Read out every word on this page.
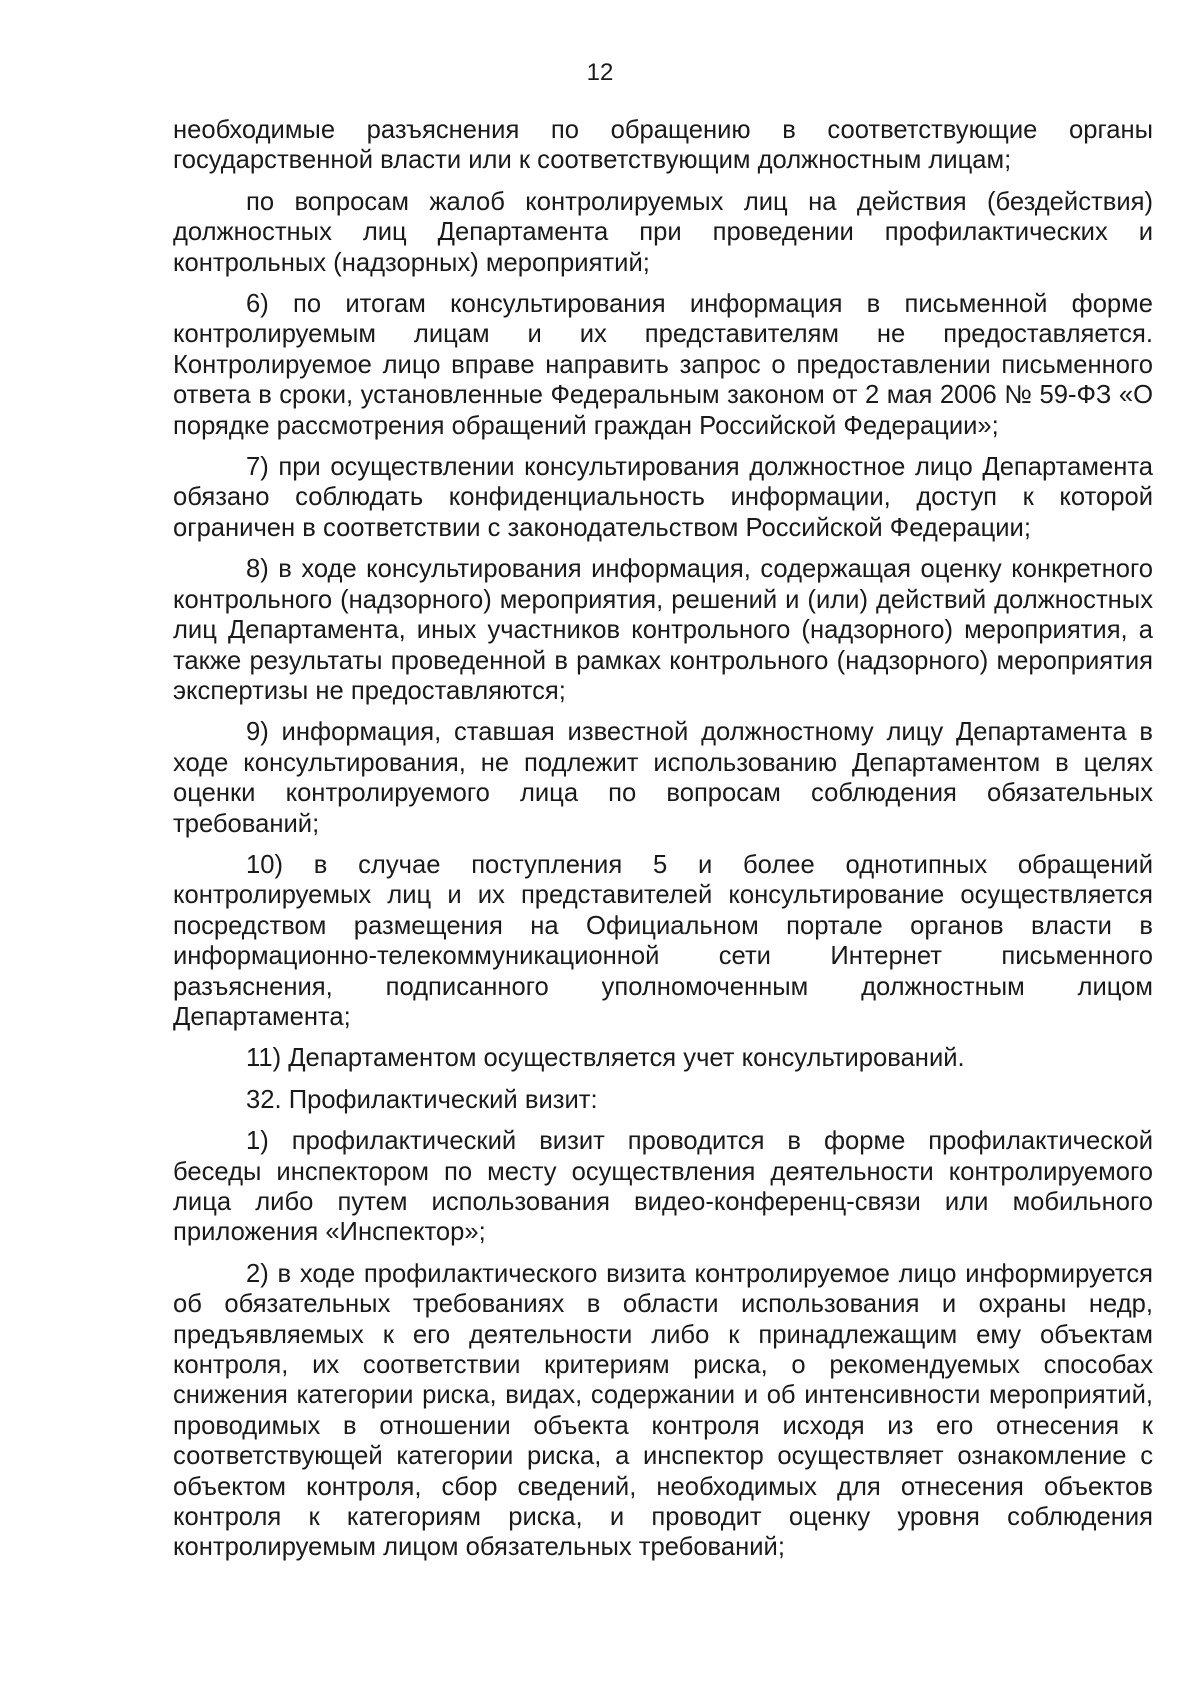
12

необходимые разъяснения по обращению в соответствующие органы государственной власти или к соответствующим должностным лицам;

по вопросам жалоб контролируемых лиц на действия (бездействия) должностных лиц Департамента при проведении профилактических и контрольных (надзорных) мероприятий;

6) по итогам консультирования информация в письменной форме контролируемым лицам и их представителям не предоставляется. Контролируемое лицо вправе направить запрос о предоставлении письменного ответа в сроки, установленные Федеральным законом от 2 мая 2006 № 59-ФЗ «О порядке рассмотрения обращений граждан Российской Федерации»;

7) при осуществлении консультирования должностное лицо Департамента обязано соблюдать конфиденциальность информации, доступ к которой ограничен в соответствии с законодательством Российской Федерации;

8) в ходе консультирования информация, содержащая оценку конкретного контрольного (надзорного) мероприятия, решений и (или) действий должностных лиц Департамента, иных участников контрольного (надзорного) мероприятия, а также результаты проведенной в рамках контрольного (надзорного) мероприятия экспертизы не предоставляются;

9) информация, ставшая известной должностному лицу Департамента в ходе консультирования, не подлежит использованию Департаментом в целях оценки контролируемого лица по вопросам соблюдения обязательных требований;

10) в случае поступления 5 и более однотипных обращений контролируемых лиц и их представителей консультирование осуществляется посредством размещения на Официальном портале органов власти в информационно-телекоммуникационной сети Интернет письменного разъяснения, подписанного уполномоченным должностным лицом Департамента;

11) Департаментом осуществляется учет консультирований.

32. Профилактический визит:

1) профилактический визит проводится в форме профилактической беседы инспектором по месту осуществления деятельности контролируемого лица либо путем использования видео-конференц-связи или мобильного приложения «Инспектор»;

2) в ходе профилактического визита контролируемое лицо информируется об обязательных требованиях в области использования и охраны недр, предъявляемых к его деятельности либо к принадлежащим ему объектам контроля, их соответствии критериям риска, о рекомендуемых способах снижения категории риска, видах, содержании и об интенсивности мероприятий, проводимых в отношении объекта контроля исходя из его отнесения к соответствующей категории риска, а инспектор осуществляет ознакомление с объектом контроля, сбор сведений, необходимых для отнесения объектов контроля к категориям риска, и проводит оценку уровня соблюдения контролируемым лицом обязательных требований;
